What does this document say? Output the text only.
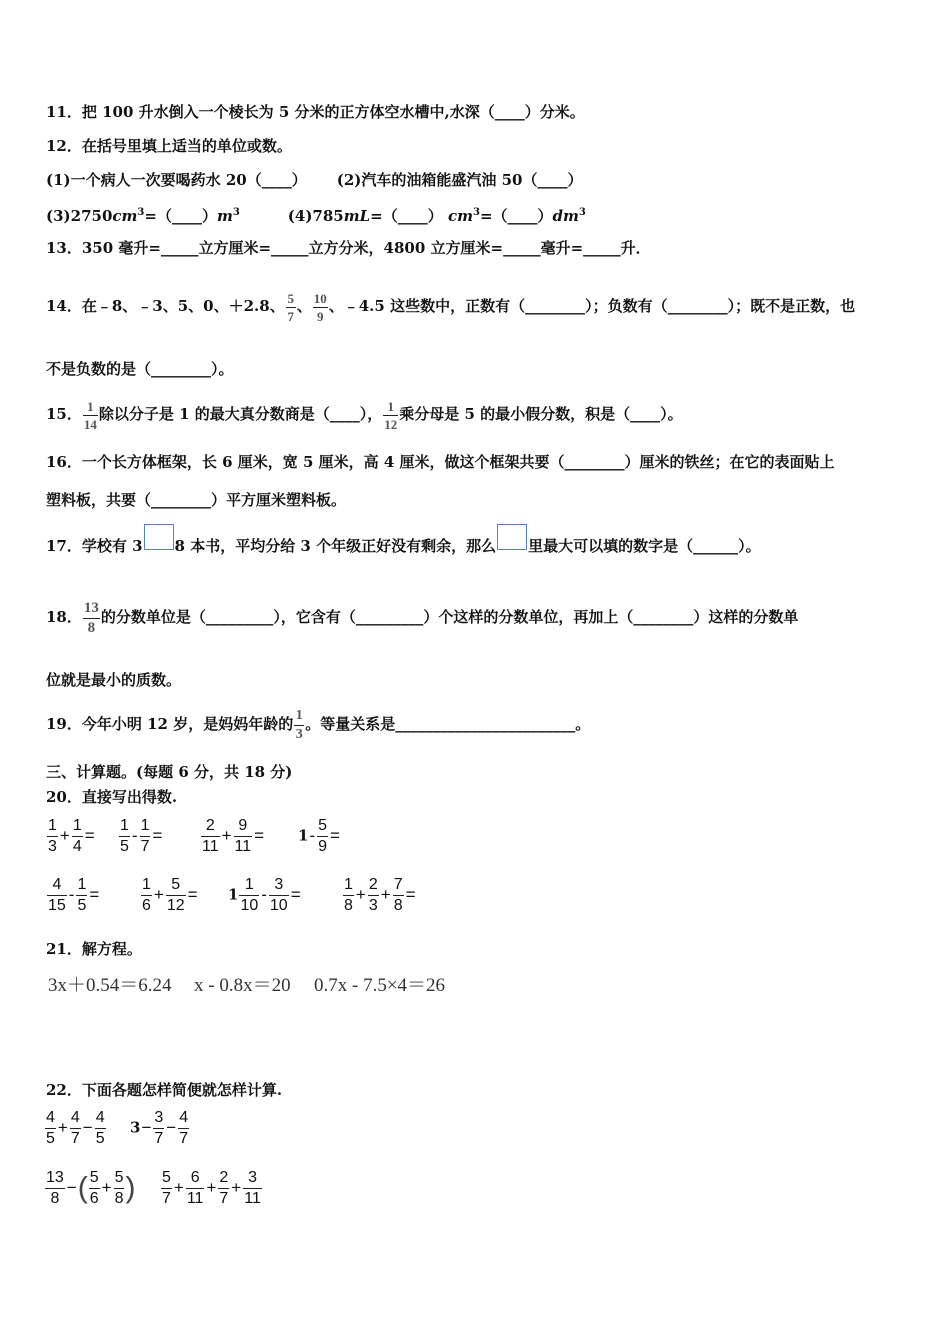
11．把 100 升水倒入一个棱长为 5 分米的正方体空水槽中,水深（____）分米。
12．在括号里填上适当的单位或数。
(1)一个病人一次要喝药水 20（____） (2)汽车的油箱能盛汽油 50（____）
$(3)2750cm^3=(\_\_\_\_)m^3$	(4)785mL=（____） $cm^3=(\_\_\_\_)dm^3$
13．350 毫升=_____立方厘米=_____立方分米，4800 立方厘米=_____毫升=_____升．
14．在﹣8、﹣3、5、0、＋2.8、 $\frac{5}{7}$ 、 $\frac{10}{9}$ 、﹣4.5 这些数中，正数有（________）；负数有（________）；既不是正数，也
不是负数的是（________）。
15． $\frac{1}{14}$ 除以分子是 1 的最大真分数商是（____）， $\frac{1}{12}$ 乘分母是 5 的最小假分数，积是（____）。
16．一个长方体框架，长 6 厘米，宽 5 厘米，高 4 厘米，做这个框架共要（________）厘米的铁丝；在它的表面贴上
塑料板，共要（________）平方厘米塑料板。
17．学校有 3 8 本书，平均分给 3 个年级正好没有剩余，那么 里最大可以填的数字是（______）。
18． $\frac{13}{8}$ 的分数单位是（_________），它含有（_________）个这样的分数单位，再加上（________）这样的分数单
位就是最小的质数。
19．今年小明 12 岁，是妈妈年龄的 $\frac{1}{3}$ 。等量关系是________________________。
三、计算题。(每题 6 分，共 18 分)
20．直接写出得数.
$\frac{1}{3} + \frac{1}{4} = \frac{1}{5} - \frac{1}{7} = \frac{2}{11} + \frac{9}{11} = 1- \frac{5}{9}$ =
$\frac{4}{15} - \frac{1}{5}$ =	$\frac{1}{6} + \frac{5}{12} = 1 \frac{1}{10} - \frac{3}{10}$ =	$\frac{1}{8} + \frac{2}{3} + \frac{7}{8}$ =
21．解方程。
3x＋0.54＝6.24 x - 0.8x＝20 0.7x - 7.5×4＝26
22．下面各题怎样简便就怎样计算.
$\frac{4}{5} + \frac{4}{7} - \frac{4}{5} 3- \frac{3}{7} - \frac{4}{7}$
$\frac{13}{8}$ −( $\frac{5}{6} + \frac{5}{8}$ ) $\frac{5}{7} + \frac{6}{11} + \frac{2}{7} + \frac{3}{11}$
